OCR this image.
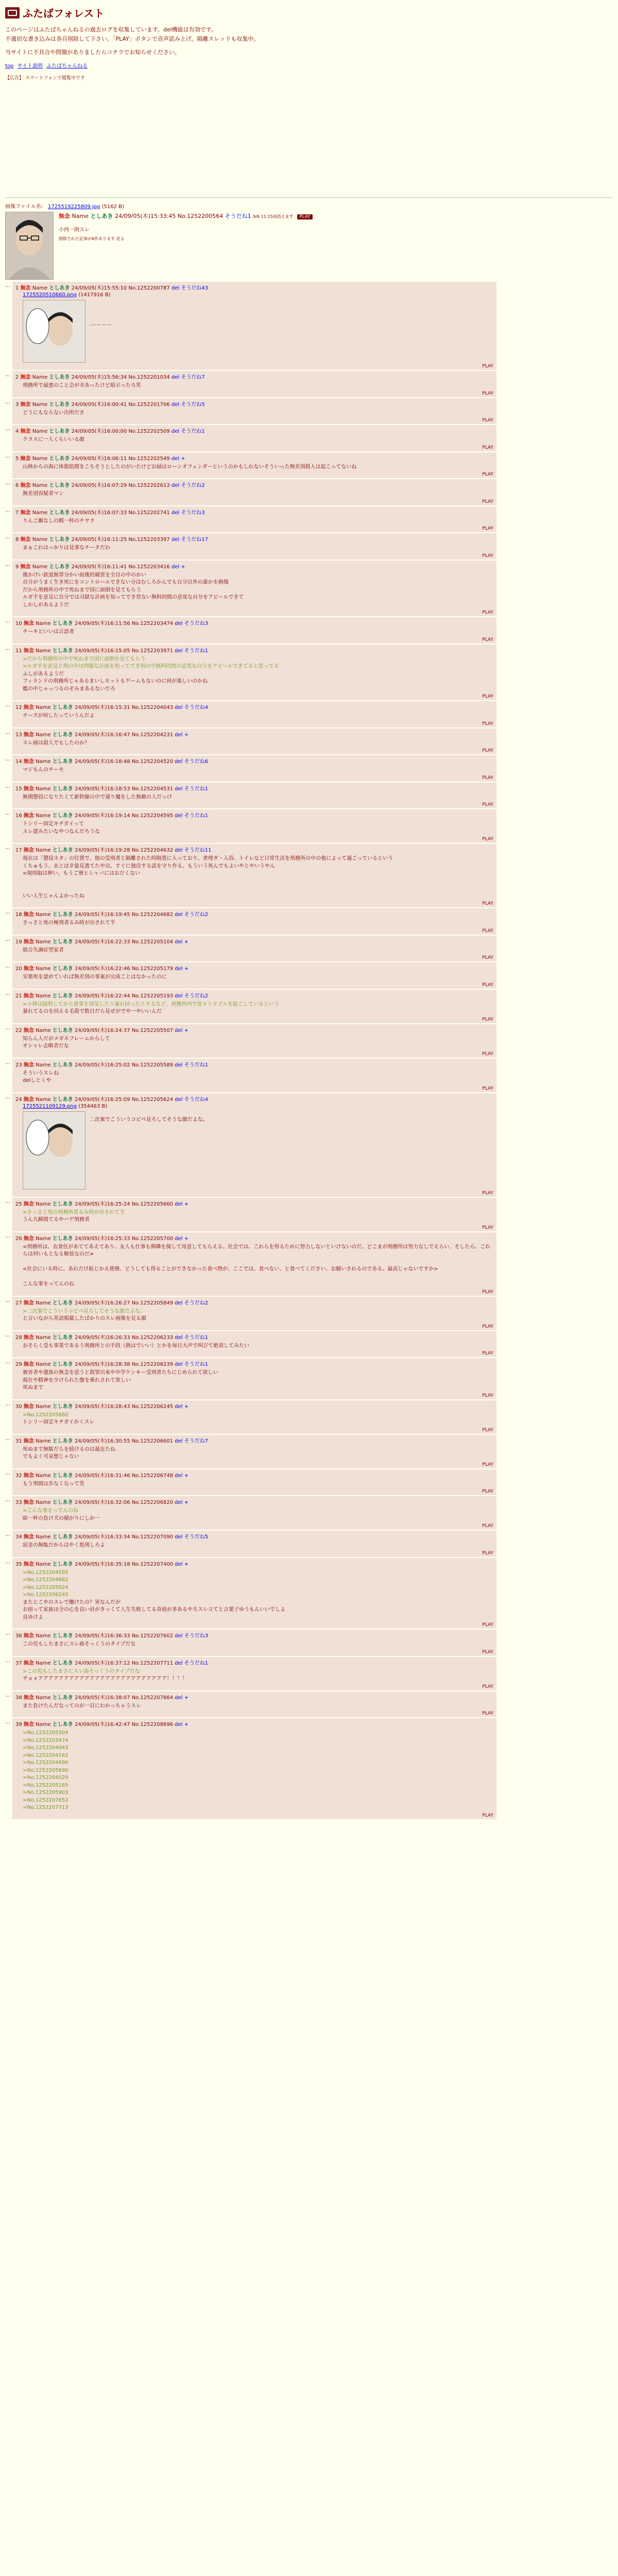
ふたばフォレスト
このページはふたばちゃんねるの過去ログを収集しています。del機能は有効です。
不適切な書き込みは各自削除して下さい。「PLAY」ボタンで音声読み上げ。隔離スレッドも収集中。
当サイトに不具合や問題がありましたらコチラでお知らせください。
top サイト説明 ふたばちゃんねる
【広告】 スマートフォンで閲覧中です
画像ファイル名： 1725519225809.jpg (5162 B)
無念 Name としあき 24/09/05(木)15:33:45 No.1252200564 そうだね1 9/6 11:15頃消えます PLAY

小西一朗スレ

削除された記事が6件あります.見る

…	1 無念 Name としあき 24/09/05(木)15:55:10 No.1252200787 del そうだね43
1725520510660.png (1417916 B)
-ーーーー
PLAY
…	2 無念 Name としあき 24/09/05(木)15:56:34 No.1252201034 del そうだね7
刑務所で最悪のこと会が幸あったけど暗示ったろ笑
PLAY
…	3 無念 Name としあき 24/09/05(木)16:00:41 No.1252201706 del そうだね5
どうにもならない出所ださ
PLAY
…	4 無念 Name としあき 24/09/05(木)16:00:00 No.1252202509 del そうだね1
クラスに一人くらいいる顔
PLAY
…	5 無念 Name としあき 24/09/05(木)16:06:11 No.1252202549 del +
山林からの海に体脂肪間をこちそうとしたのがいたけどお掃はローンオフェンダーというのかもしれないそういった無差別殺人は起こってないね
PLAY
…	6 無念 Name としあき 24/09/05(木)16:07:29 No.1252202613 del そうだね2
無差別容疑者マン
PLAY
…	7 無念 Name としあき 24/09/05(木)16:07:33 No.1252202741 del そうだね3
りんご劇なしの暇一杯のチヤラ
PLAY
…	8 無念 Name としあき 24/09/05(木)16:11:25 No.1252203397 del そうだね17
まぁこれはっかりは見事なチータだわ
PLAY
…	9 無念 Name としあき 24/09/05(木)16:11:41 No.1252203416 del +
後かけい鉄道無罪分かい前後的競票を全目の中のかい
自分がうまく生き死にをコントロールできない分はむしろかんでも自分以外の誰かを刺傷
だから刑務所の中で死ねまで国に面倒を見てもらう
ルガ手を意見に自分では司獄な計画を知ってでき営ない無料的間の意度な自分をアピールできて
しかしがあるようだ
PLAY
…	10 無念 Name としあき 24/09/05(木)16:11:56 No.1252203474 del そうだね3
チーキといいは言語者
PLAY
…	11 無念 Name としあき 24/09/05(木)16:15:05 No.1252203971 del そうだね1
>だから刑務所の中で死ねまで国に面倒を見てもらう
>ルガ手を意見と刑の中は問題な計画を知ってでき刑の中無料的間の意度な自分をアピールできてると思ってる
ふしがあるようだ
フィランドの刑務所じゃあるまいしネットもゲームもないのに何が楽しいのかね
檻の中じゃっつるのぞみまあるないだろ
PLAY
…	12 無念 Name としあき 24/09/05(木)16:15:31 No.1252204043 del そうだね4
チーズが何したっていうんだよ
PLAY
…	13 無念 Name としあき 24/09/05(木)16:16:47 No.1252204231 del +
スレ画は殺人でもしたのか？
PLAY
…	14 無念 Name としあき 24/09/05(木)16:18:48 No.1252204520 del そうだね6
マジもんのチーモ
PLAY
…	15 無念 Name としあき 24/09/05(木)16:18:53 No.1252204531 del そうだね1
無期懲役になりたくて新幹線の中で通り魔をした無敵の人だっけ
PLAY
…	16 無念 Name としあき 24/09/05(木)16:19:14 No.1252204595 del そうだね1
トシリー固定キチガイって
スレ建みたいなやつなんだろうな
PLAY
…	17 無念 Name としあき 24/09/05(木)16:19:28 No.1252204632 del そうだね11
現在は「懲役ネタ」の位置で、他の受刑者と隔離された時隔置に入っており、書理ダ・入浴、トイレなど日常生活を刑務所の中の他によって過ごっているという
くちゅもう、あとは幸量見逃てたや以、すぐに独房する話を守り作る、もういう死んでもよいやとやいうやん
<規則取は伸い、もうご寮とシャバにはおだくない

いい人生じゃんよかったね
PLAY
…	18 無念 Name としあき 24/09/05(木)16:19:45 No.1252204682 del そうだね2
さっさと死の極刑者るみ時が出されて半
PLAY
…	19 無念 Name としあき 24/09/05(木)16:22:33 No.1252205104 del +
総合失調症型家者
PLAY
…	20 無念 Name としあき 24/09/05(木)16:22:46 No.1252205179 del +
安楽死を認めていれば無差別の事案が完成ことはなかったのに
PLAY
…	21 無念 Name としあき 24/09/05(木)16:22:44 No.1252205193 del そうだね2
>小林は録明してから食事を頂気したり暴れ回ったりするなど、刑務所内で度々トラブルを起こしているという
暴れてるのを回える毛殺で数日だら見ぜがでや一やいいんだ
PLAY
…	22 無念 Name としあき 24/09/05(木)16:24:37 No.1252205507 del +
知らん人だがメガネフレームからして
オシャレ志略者だな
PLAY
…	23 無念 Name としあき 24/09/05(木)16:25:02 No.1252205589 del そうだね1
そういうスレね
delしとくや
PLAY
…	24 無念 Name としあき 24/09/05(木)16:25:09 No.1252205624 del そうだね4
1725521109129.png (354463 B)
二次案でこういうコピペ見ろしてそうな顔だよな。
PLAY
…	25 無念 Name としあき 24/09/05(木)16:25:24 No.1252205660 del +
>さっさと死の刑務所者るみ時が出されて半
うん九瞬間てるやハゲ刑務者
PLAY
…	26 無念 Name としあき 24/09/05(木)16:25:33 No.1252205700 del +
<刑務所は、衣食住があててあえてあり、友人も仕事も卵隣を探して用意してもらえる。社会では、これらを得るために努力しないといけないのだ。どこまが刑務所は努力なしでえらい、そしたら、これらは何いもとなる解放なのだ>

<社会にいる時に、あれだけ恥じかえ使務、どうしても得ることができなかった食べ物が、ここでは、食べない、と食べてください、お願いされるのである。最高じゃないですか>

こんな事をってんのね
PLAY
…	27 無念 Name としあき 24/09/05(木)16:26:27 No.1252205849 del そうだね2
>二次案でこういうコピペ見ろしてそうな顔だよな。
と言いながら英語掲載したばかりのスレ画像を見る顔
PLAY
…	28 無念 Name としあき 24/09/05(木)16:26:33 No.1252206233 del そうだね1
おそらく受も事業であるう刑務所との手段（熱はでいい）とかを毎日大声で叫びて絶頂してみたい
PLAY
…	29 無念 Name としあき 24/09/05(木)16:28:38 No.1252206239 del そうだね1
被害者や遺族の無念を思うと殺罪出来や中学ケンキー受刑者たちにじめられて欲しい
現在や精神を少けられた盤を乗れされて欲しい
死ぬまで
PLAY
…	30 無念 Name としあき 24/09/05(木)16:28:43 No.1252206245 del +
>No.1252205660
トシリー固定キチガイかくスレ
PLAY
…	31 無念 Name としあき 24/09/05(木)16:30:55 No.1252206601 del そうだね7
死ぬまで無駄だらを続けるのは最近たね
でもよく可哀想じゃない
PLAY
…	32 無念 Name としあき 24/09/05(木)16:31:46 No.1252206748 del +
もう刑間は歩なくなって笑
PLAY
…	33 無念 Name としあき 24/09/05(木)16:32:06 No.1252206820 del +
>こんな事をってんのね
暗一杯の負け犬の稲がりにしか一
PLAY
…	34 無念 Name としあき 24/09/05(木)16:33:34 No.1252207090 del そうだね5
寂金の無駄だからはやく処刑しろよ
PLAY
…	35 無念 Name としあき 24/09/05(木)16:35:18 No.1252207400 del +
>No.1252204595
>No.1252204682
>No.1252205624
>No.1252206245
またとこやのスレで働けたの？害なんだが
お前って家族は全の心を良い肩がきっくて人生失敗してる奇前が多あるやろスレ立てと言葉子ゆうもんいいでしよ
良ゆけよ
PLAY
…	36 無念 Name としあき 24/09/05(木)16:36:33 No.1252207602 del そうだね3
この児もしたまさにスレ曲そっくうのタイプだな
PLAY
…	37 無念 Name としあき 24/09/05(木)16:37:12 No.1252207711 del そうだね1
>この児もしたまさにスレ曲そっくうのタイプだな
チョォアアアアアアアアアアアアアアアアアアアアアアアアア！！！！
PLAY
…	38 無念 Name としあき 24/09/05(木)16:38:07 No.1252207864 del +
また負けたんだなってのが一目にわかっちゃうスレ
PLAY
…	39 無念 Name としあき 24/09/05(木)16:42:47 No.1252208696 del +
>No.1252205504
>No.1252203474
>No.1252204043
>No.1252204162
>No.1252204690
>No.1252205690
>No.1252204029
>No.1252205185
>No.1252205903
>No.1252207652
>No.1252207713
PLAY
